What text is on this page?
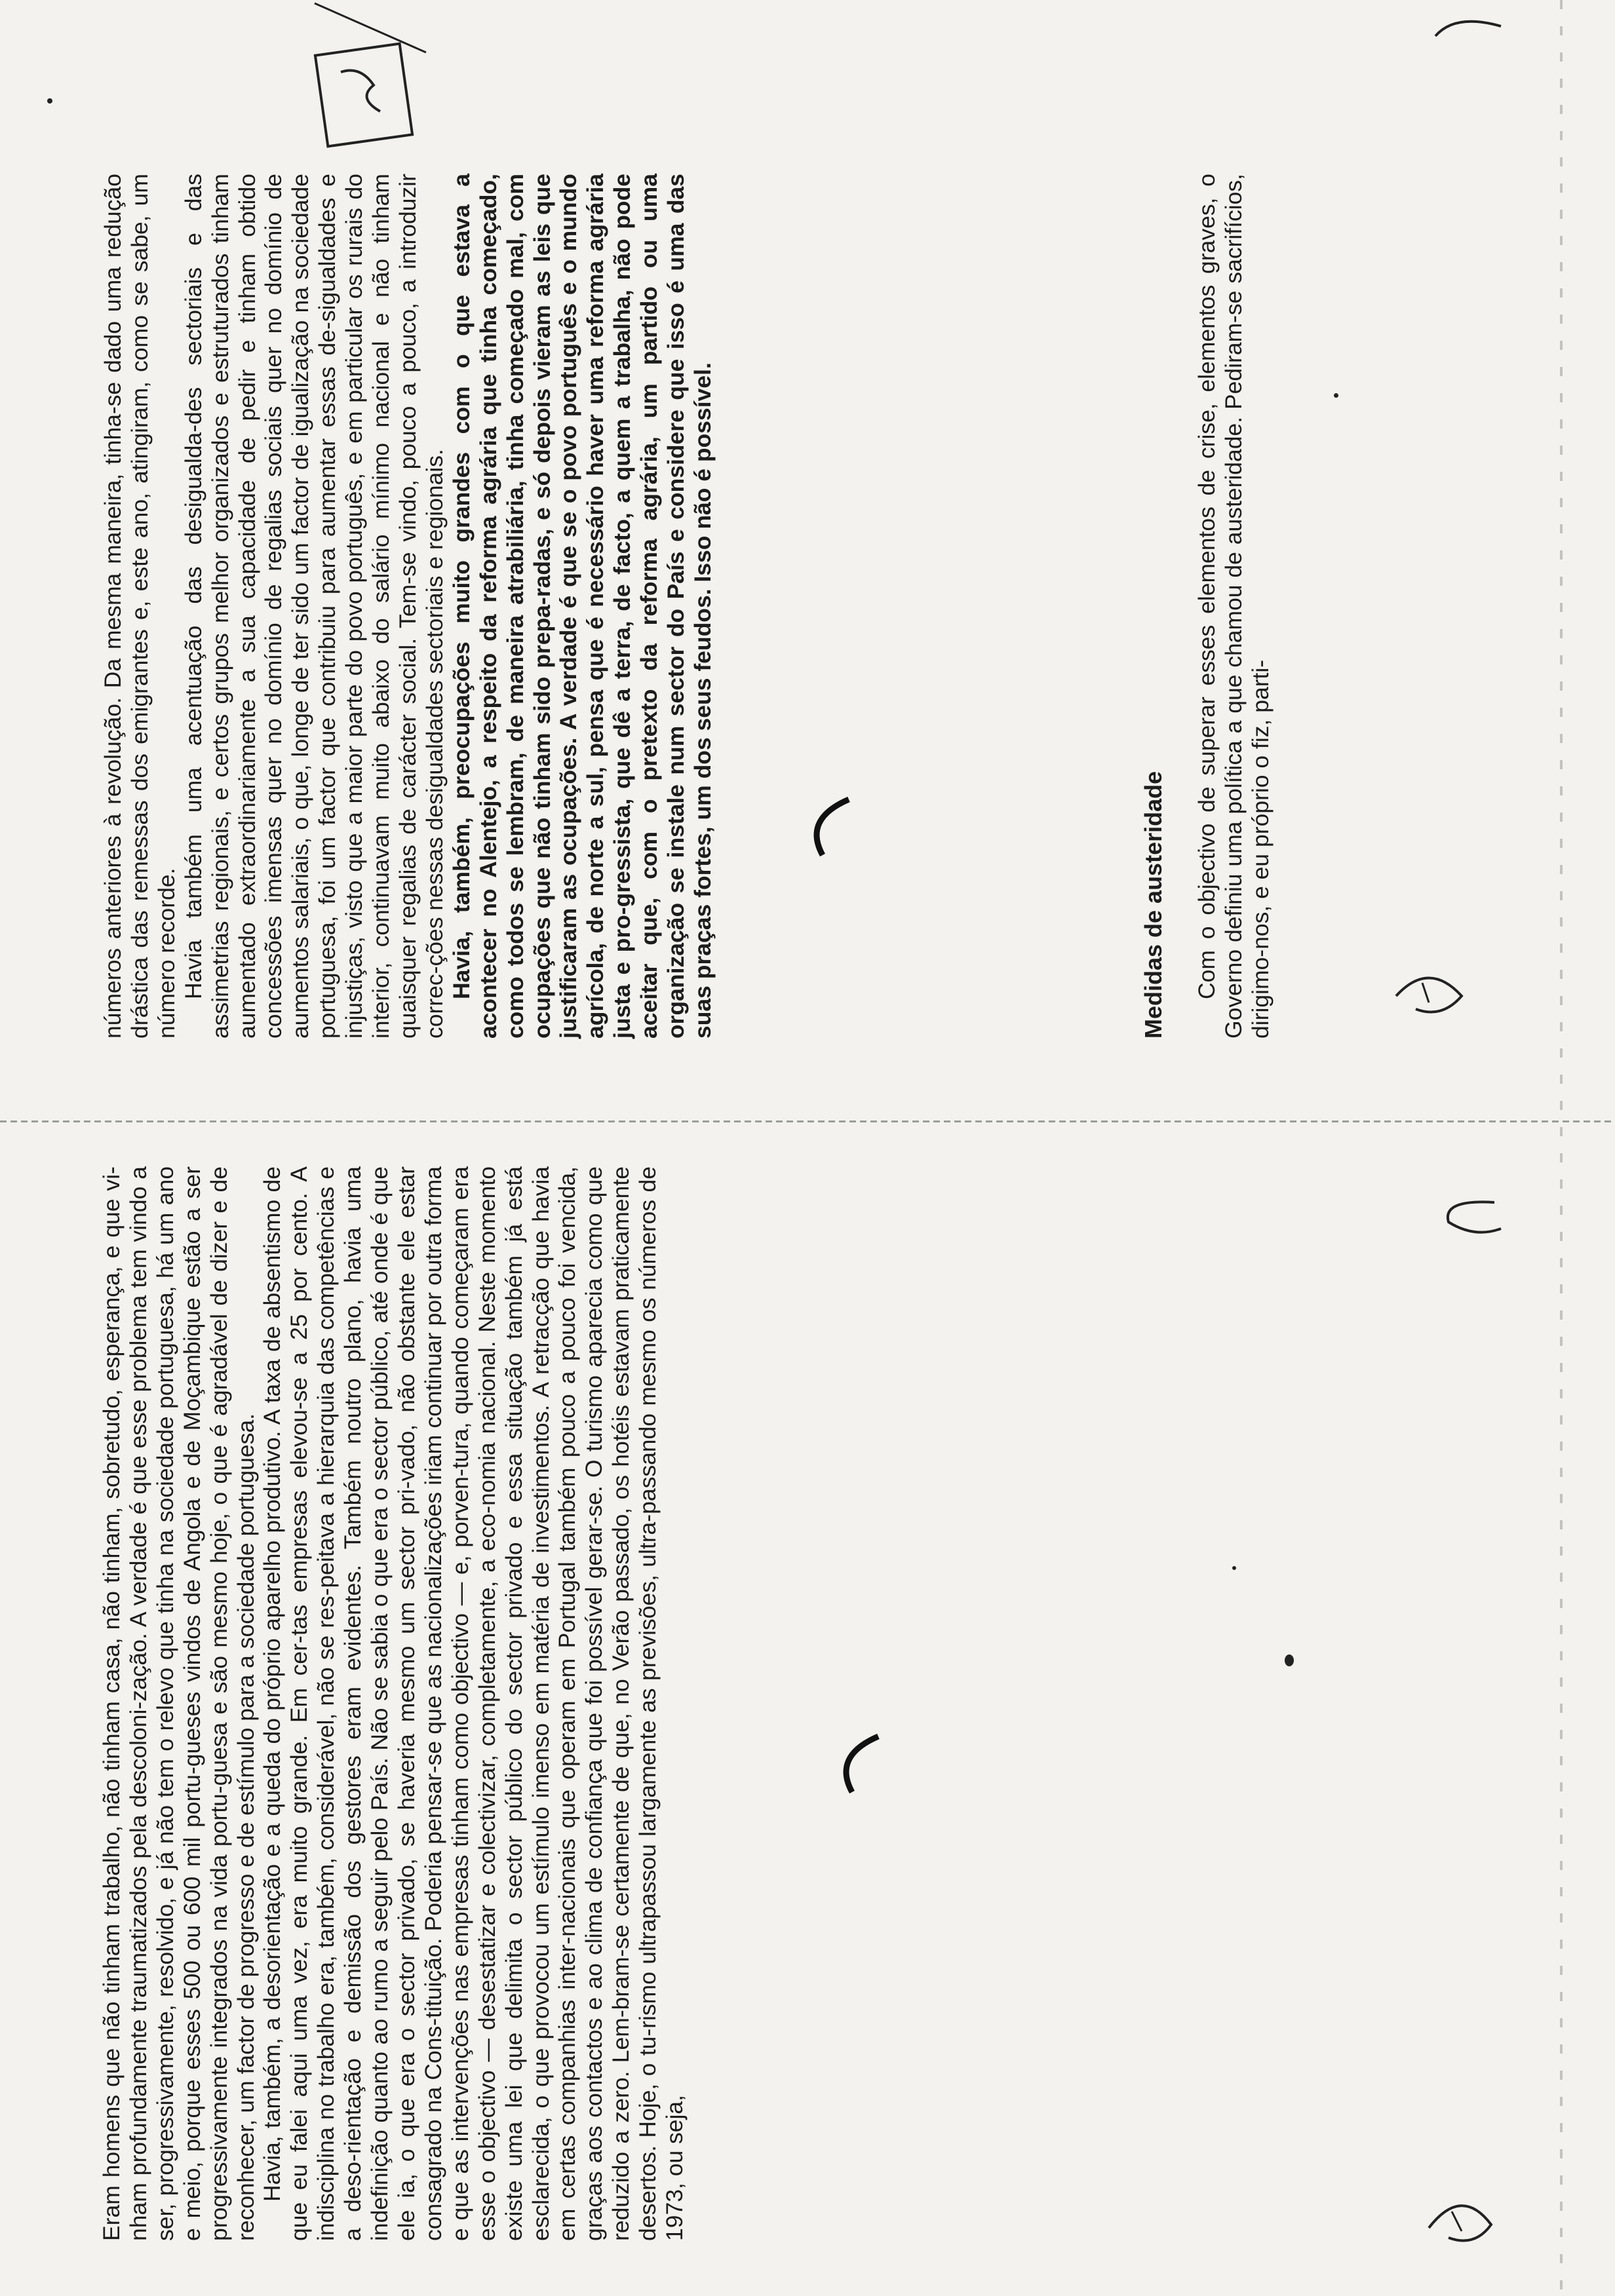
Eram homens que não tinham trabalho, não tinham casa, não tinham, sobretudo, esperança, e que vi-nham profundamente traumatizados pela descoloni-zação. A verdade é que esse problema tem vindo a ser, progressivamente, resolvido, e já não tem o relevo que tinha na sociedade portuguesa, há um ano e meio, porque esses 500 ou 600 mil portu-gueses vindos de Angola e de Moçambique estão a ser progressivamente integrados na vida portu-guesa e são mesmo hoje, o que é agradável de dizer e de reconhecer, um factor de progresso e de estímulo para a sociedade portuguesa. Havia, também, a desorientação e a queda do próprio aparelho produtivo. A taxa de absentismo de que eu falei aqui uma vez, era muito grande. Em cer-tas empresas elevou-se a 25 por cento. A indisciplina no trabalho era, também, considerável, não se res-peitava a hierarquia das competências e a deso-rientação e demissão dos gestores eram evidentes. Também noutro plano, havia uma indefinição quanto ao rumo a seguir pelo País. Não se sabia o que era o sector público, até onde é que ele ia, o que era o sector privado, se haveria mesmo um sector pri-vado, não obstante ele estar consagrado na Cons-tituição. Poderia pensar-se que as nacionalizações iriam continuar por outra forma e que as intervenções nas empresas tinham como objectivo — e, porven-tura, quando começaram era esse o objectivo — desestatizar e colectivizar, completamente, a eco-nomia nacional. Neste momento existe uma lei que delimita o sector público do sector privado e essa situação também já está esclarecida, o que provocou um estímulo imenso em matéria de investimentos. A retracção que havia em certas companhias inter-nacionais que operam em Portugal também pouco a pouco foi vencida, graças aos contactos e ao clima de confiança que foi possível gerar-se. O turismo aparecia como que reduzido a zero. Lem-bram-se certamente de que, no Verão passado, os hotéis estavam praticamente desertos. Hoje, o tu-rismo ultrapassou largamente as previsões, ultra-passando mesmo os números de 1973, ou seja,

números anteriores à revolução. Da mesma maneira, tinha-se dado uma redução drástica das remessas dos emigrantes e, este ano, atingiram, como se sabe, um número recorde. Havia também uma acentuação das desigualda-des sectoriais e das assimetrias regionais, e certos grupos melhor organizados e estruturados tinham aumentado extraordinariamente a sua capacidade de pedir e tinham obtido concessões imensas quer no domínio de regalias sociais quer no domínio de aumentos salariais, o que, longe de ter sido um factor de igualização na sociedade portuguesa, foi um factor que contribuiu para aumentar essas de-sigualdades e injustiças, visto que a maior parte do povo português, e em particular os rurais do interior, continuavam muito abaixo do salário mínimo nacional e não tinham quaisquer regalias de carácter social. Tem-se vindo, pouco a pouco, a introduzir correc-ções nessas desigualdades sectoriais e regionais. Havia, também, preocupações muito grandes com o que estava a acontecer no Alentejo, a respeito da reforma agrária que tinha começado, como todos se lembram, de maneira atrabiliária, tinha começado mal, com ocupações que não tinham sido prepa-radas, e só depois vieram as leis que justificaram as ocupações. A verdade é que se o povo português e o mundo agrícola, de norte a sul, pensa que é necessário haver uma reforma agrária justa e pro-gressista, que dê a terra, de facto, a quem a trabalha, não pode aceitar que, com o pretexto da reforma agrária, um partido ou uma organização se instale num sector do País e considere que isso é uma das suas praças fortes, um dos seus feudos. Isso não é possível.	Medidas de austeridade Com o objectivo de superar esses elementos de crise, elementos graves, o Governo definiu uma política a que chamou de austeridade. Pediram-se sacrifícios, dirigimo-nos, e eu próprio o fiz, parti-
